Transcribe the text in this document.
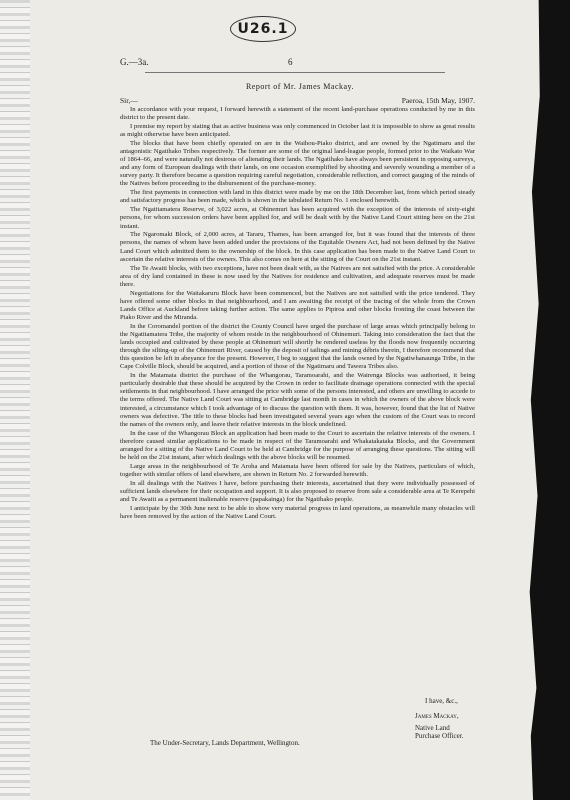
U26.1
G.—3a.	6
Report of Mr. James Mackay.
Sir,—	Paeroa, 15th May, 1907.

In accordance with your request, I forward herewith a statement of the recent land-purchase operations conducted by me in this district to the present date.

I premise my report by stating that as active business was only commenced in October last it is impossible to show as great results as might otherwise have been anticipated.

The blocks that have been chiefly operated on are in the Waihou-Piako district, and are owned by the Ngatimaru and the antagonistic Ngatihako Tribes respectively. The former are some of the original land-league people, formed prior to the Waikato War of 1864–66, and were naturally not desirous of alienating their lands. The Ngatihako have always been persistent in opposing surveys, and any form of European dealings with their lands, on one occasion exemplified by shooting and severely wounding a member of a survey party. It therefore became a question requiring careful negotiation, considerable reflection, and correct gauging of the minds of the Natives before proceeding to the disbursement of the purchase-money.

The first payments in connection with land in this district were made by me on the 18th December last, from which period steady and satisfactory progress has been made, which is shown in the tabulated Return No. 1 enclosed herewith.

The Ngatitamatera Reserve, of 3,022 acres, at Ohinemuri has been acquired with the exception of the interests of sixty-eight persons, for whom succession orders have been applied for, and will be dealt with by the Native Land Court sitting here on the 21st instant.

The Ngaromaki Block, of 2,000 acres, at Tararu, Thames, has been arranged for, but it was found that the interests of three persons, the names of whom have been added under the provisions of the Equitable Owners Act, had not been defined by the Native Land Court which admitted them to the ownership of the block. In this case application has been made to the Native Land Court to ascertain the relative interests of the owners. This also comes on here at the sitting of the Court on the 21st instant.

The Te Awaiti blocks, with two exceptions, have not been dealt with, as the Natives are not satisfied with the price. A considerable area of dry land contained in these is now used by the Natives for residence and cultivation, and adequate reserves must be made there.

Negotiations for the Waitakaruru Block have been commenced, but the Natives are not satisfied with the price tendered. They have offered some other blocks in that neighbourhood, and I am awaiting the receipt of the tracing of the whole from the Crown Lands Office at Auckland before taking further action. The same applies to Pipiroa and other blocks fronting the coast between the Piako River and the Miranda.

In the Coromandel portion of the district the County Council have urged the purchase of large areas which principally belong to the Ngatitamatera Tribe, the majority of whom reside in the neighbourhood of Ohinemuri. Taking into consideration the fact that the lands occupied and cultivated by these people at Ohinemuri will shortly be rendered useless by the floods now frequently occurring through the silting-up of the Ohinemuri River, caused by the deposit of tailings and mining débris therein, I therefore recommend that this question be left in abeyance for the present. However, I beg to suggest that the lands owned by the Ngatiwhanaunga Tribe, in the Cape Colville Block, should be acquired, and a portion of those of the Ngatimaru and Tawera Tribes also.

In the Matamata district the purchase of the Whangorau, Taramoarahi, and the Wairenga Blocks was authorised, it being particularly desirable that these should be acquired by the Crown in order to facilitate drainage operations connected with the special settlements in that neighbourhood. I have arranged the price with some of the persons interested, and others are unwilling to accede to the terms offered. The Native Land Court was sitting at Cambridge last month in cases in which the owners of the above block were interested, a circumstance which I took advantage of to discuss the question with them. It was, however, found that the list of Native owners was defective. The title to these blocks had been investigated several years ago when the custom of the Court was to record the names of the owners only, and leave their relative interests in the block undefined.

In the case of the Whangorau Block an application had been made to the Court to ascertain the relative interests of the owners. I therefore caused similar applications to be made in respect of the Taramoarahi and Whakatakataka Blocks, and the Government arranged for a sitting of the Native Land Court to be held at Cambridge for the purpose of arranging these questions. The sitting will be held on the 21st instant, after which dealings with the above blocks will be resumed.

Large areas in the neighbourhood of Te Aroha and Matamata have been offered for sale by the Natives, particulars of which, together with similar offers of land elsewhere, are shown in Return No. 2 forwarded herewith.

In all dealings with the Natives I have, before purchasing their interests, ascertained that they were individually possessed of sufficient lands elsewhere for their occupation and support. It is also proposed to reserve from sale a considerable area at Te Kerepehi and Te Awaiti as a permanent inalienable reserve (papakainga) for the Ngatihako people.

I anticipate by the 30th June next to be able to show very material progress in land operations, as meanwhile many obstacles will have been removed by the action of the Native Land Court.

I have, &c.,
James Mackay,
Native Land Purchase Officer.
The Under-Secretary, Lands Department, Wellington.
